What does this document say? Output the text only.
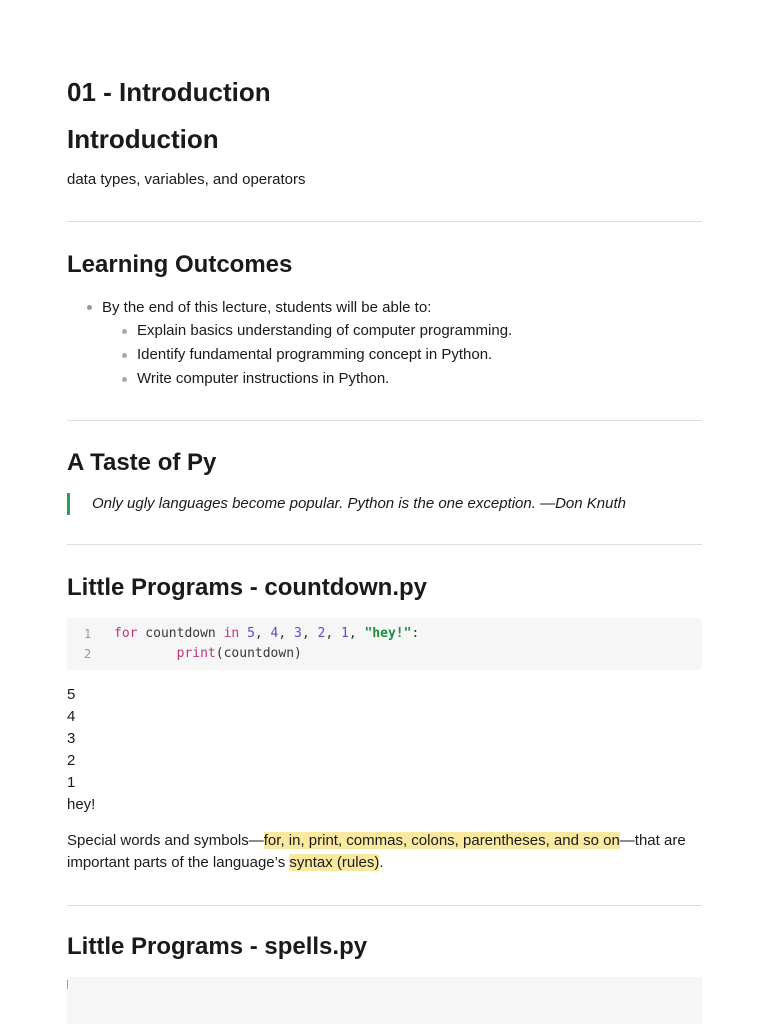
01 - Introduction
Introduction

data types, variables, and operators

Learning Outcomes
By the end of this lecture, students will be able to:
Explain basics understanding of computer programming.
Identify fundamental programming concept in Python.
Write computer instructions in Python.
A Taste of Py
Only ugly languages become popular. Python is the one exception. —Don Knuth
Little Programs - countdown.py
1 for countdown in 5, 4, 3, 2, 1, "hey!":
2	print(countdown)
5
4
3
2
1
hey!

Special words and symbols—for, in, print, commas, colons, parentheses, and so on—that are important parts of the language’s syntax (rules).

Little Programs - spells.py
